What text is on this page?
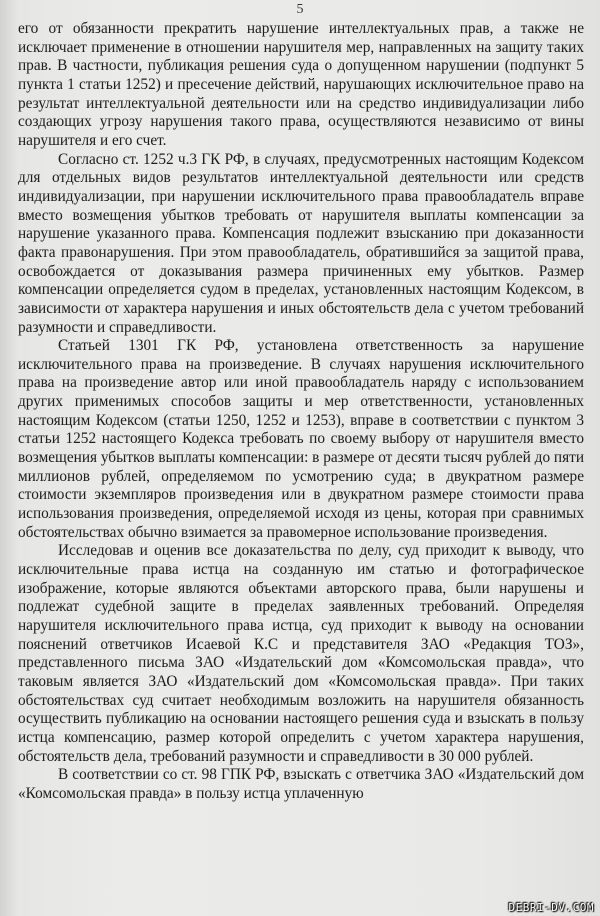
5

его от обязанности прекратить нарушение интеллектуальных прав, а также не исключает применение в отношении нарушителя мер, направленных на защиту таких прав. В частности, публикация решения суда о допущенном нарушении (подпункт 5 пункта 1 статьи 1252) и пресечение действий, нарушающих исключительное право на результат интеллектуальной деятельности или на средство индивидуализации либо создающих угрозу нарушения такого права, осуществляются независимо от вины нарушителя и его счет.

Согласно ст. 1252 ч.3 ГК РФ, в случаях, предусмотренных настоящим Кодексом для отдельных видов результатов интеллектуальной деятельности или средств индивидуализации, при нарушении исключительного права правообладатель вправе вместо возмещения убытков требовать от нарушителя выплаты компенсации за нарушение указанного права. Компенсация подлежит взысканию при доказанности факта правонарушения. При этом правообладатель, обратившийся за защитой права, освобождается от доказывания размера причиненных ему убытков. Размер компенсации определяется судом в пределах, установленных настоящим Кодексом, в зависимости от характера нарушения и иных обстоятельств дела с учетом требований разумности и справедливости.

Статьей 1301 ГК РФ, установлена ответственность за нарушение исключительного права на произведение. В случаях нарушения исключительного права на произведение автор или иной правообладатель наряду с использованием других применимых способов защиты и мер ответственности, установленных настоящим Кодексом (статьи 1250, 1252 и 1253), вправе в соответствии с пунктом 3 статьи 1252 настоящего Кодекса требовать по своему выбору от нарушителя вместо возмещения убытков выплаты компенсации: в размере от десяти тысяч рублей до пяти миллионов рублей, определяемом по усмотрению суда; в двукратном размере стоимости экземпляров произведения или в двукратном размере стоимости права использования произведения, определяемой исходя из цены, которая при сравнимых обстоятельствах обычно взимается за правомерное использование произведения.

Исследовав и оценив все доказательства по делу, суд приходит к выводу, что исключительные права истца на созданную им статью и фотографическое изображение, которые являются объектами авторского права, были нарушены и подлежат судебной защите в пределах заявленных требований. Определяя нарушителя исключительного права истца, суд приходит к выводу на основании пояснений ответчиков Исаевой К.С и представителя ЗАО «Редакция ТОЗ», представленного письма ЗАО «Издательский дом «Комсомольская правда», что таковым является ЗАО «Издательский дом «Комсомольская правда». При таких обстоятельствах суд считает необходимым возложить на нарушителя обязанность осуществить публикацию на основании настоящего решения суда и взыскать в пользу истца компенсацию, размер которой определить с учетом характера нарушения, обстоятельств дела, требований разумности и справедливости в 30 000 рублей.

В соответствии со ст. 98 ГПК РФ, взыскать с ответчика ЗАО «Издательский дом «Комсомольская правда» в пользу истца уплаченную

DEBRI-DV.COM
